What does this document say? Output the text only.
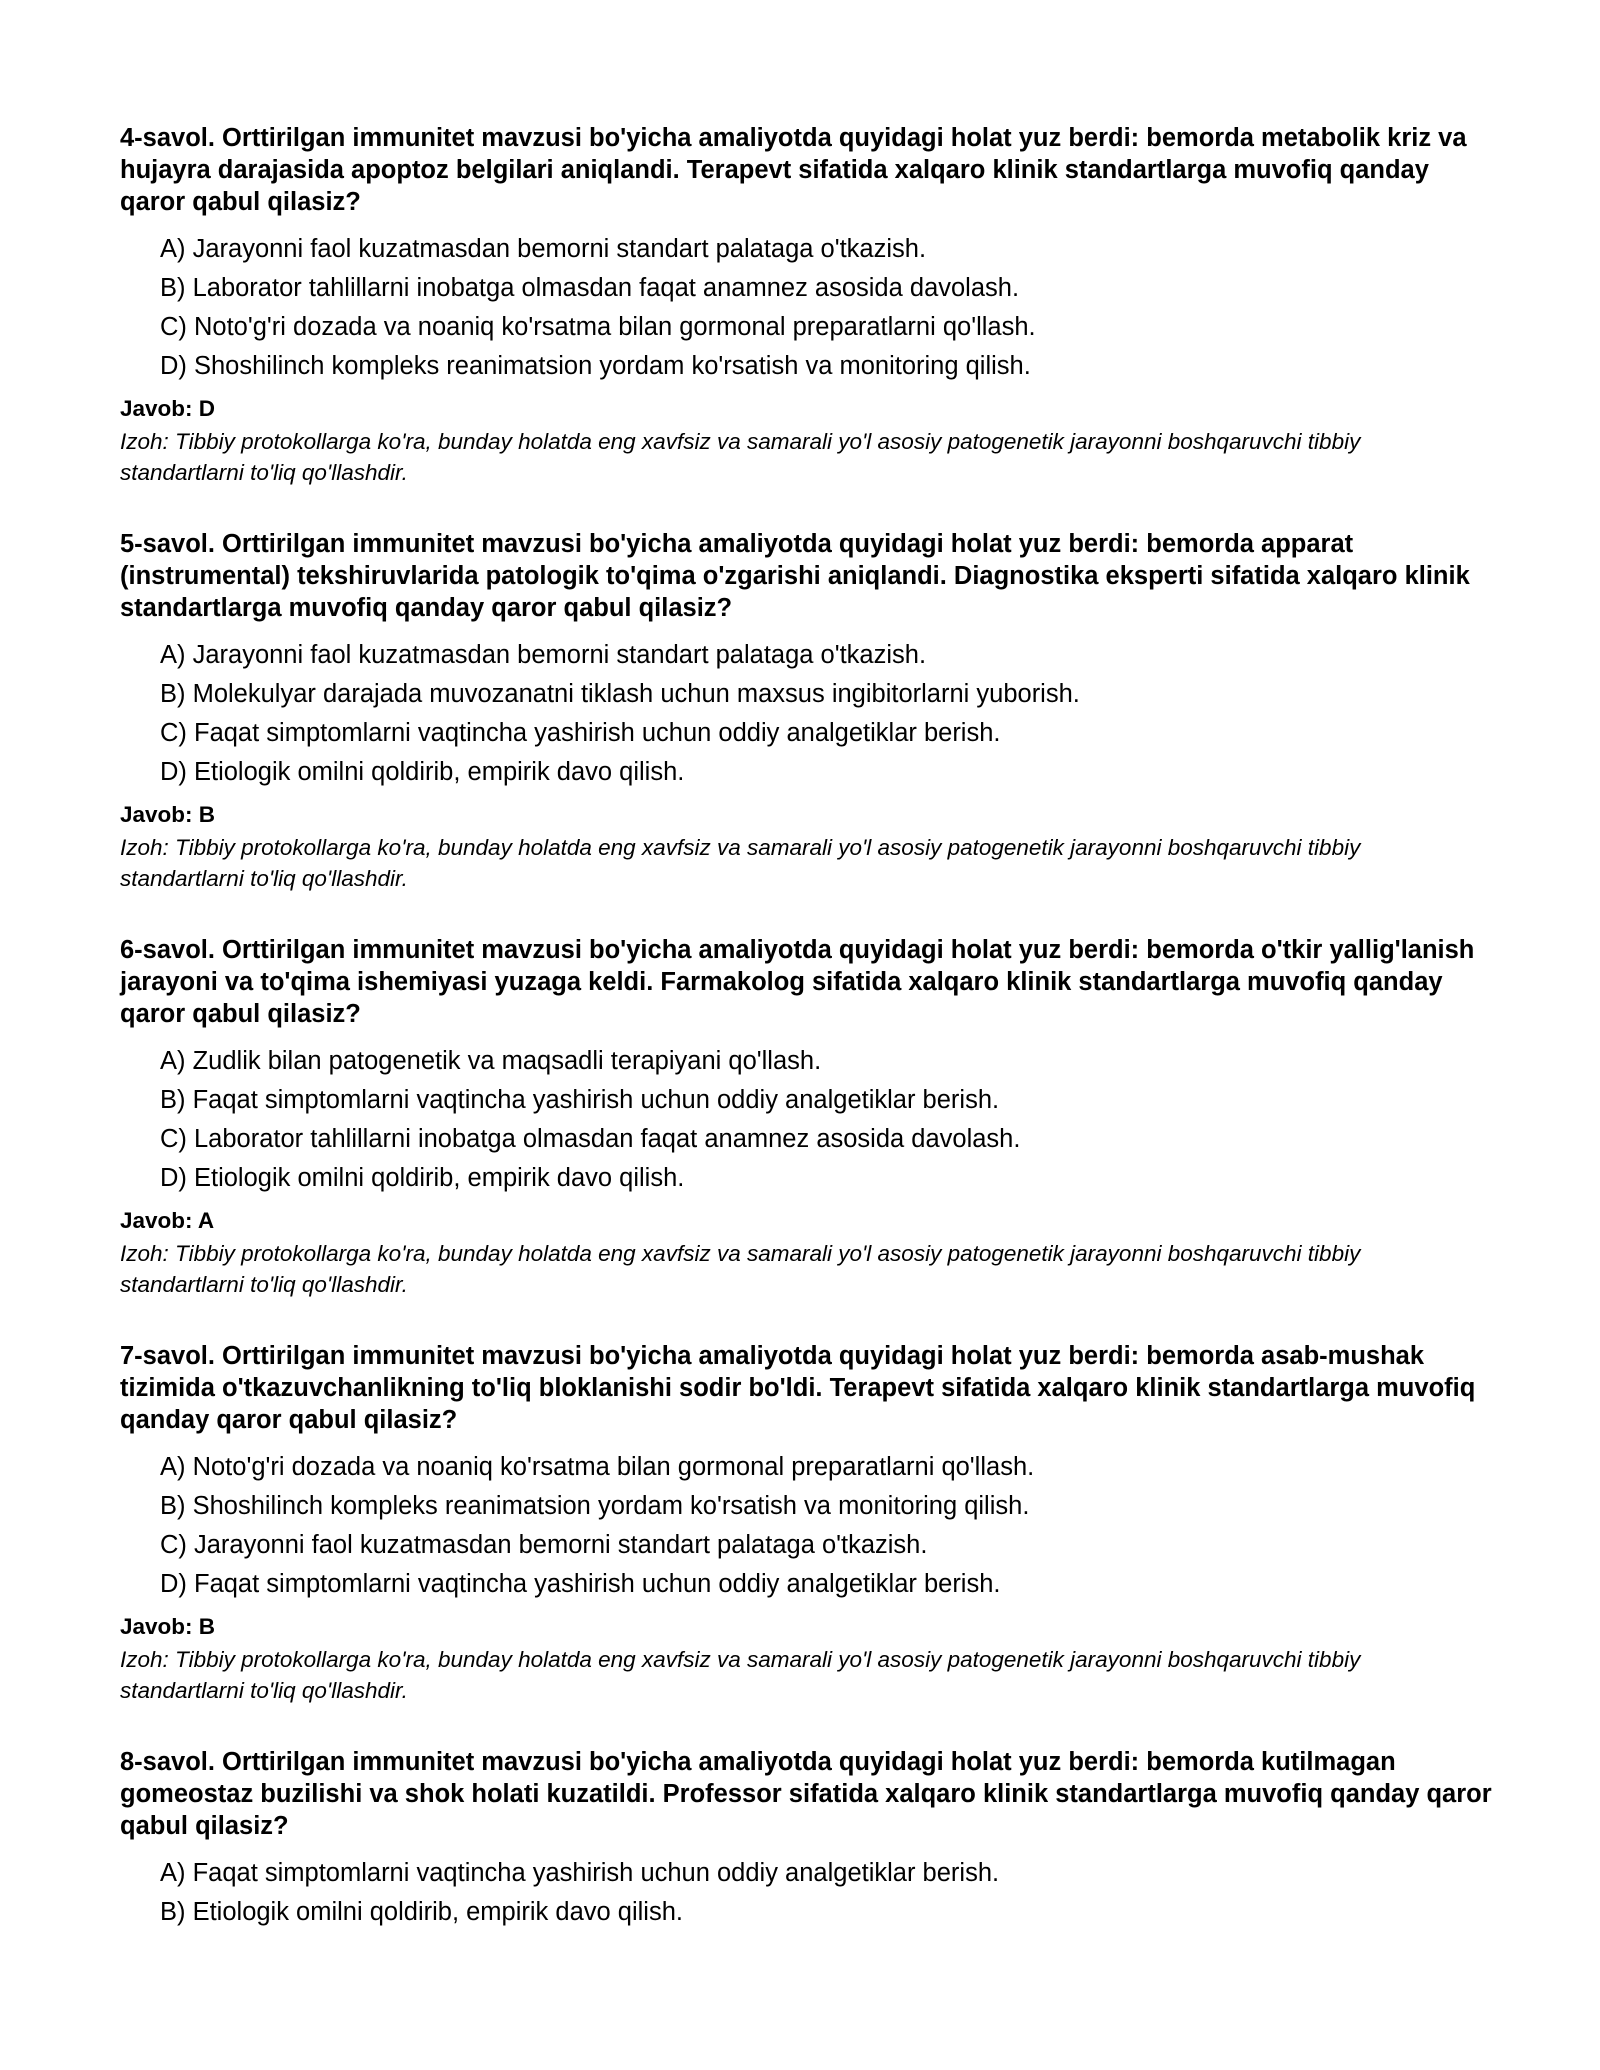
4-savol. Orttirilgan immunitet mavzusi bo'yicha amaliyotda quyidagi holat yuz berdi: bemorda metabolik kriz va hujayra darajasida apoptoz belgilari aniqlandi. Terapevt sifatida xalqaro klinik standartlarga muvofiq qanday qaror qabul qilasiz?

A) Jarayonni faol kuzatmasdan bemorni standart palataga o'tkazish.
B) Laborator tahlillarni inobatga olmasdan faqat anamnez asosida davolash.
C) Noto'g'ri dozada va noaniq ko'rsatma bilan gormonal preparatlarni qo'llash.
D) Shoshilinch kompleks reanimatsion yordam ko'rsatish va monitoring qilish.

Javob: D

Izoh: Tibbiy protokollarga ko'ra, bunday holatda eng xavfsiz va samarali yo'l asosiy patogenetik jarayonni boshqaruvchi tibbiy standartlarni to'liq qo'llashdir.

5-savol. Orttirilgan immunitet mavzusi bo'yicha amaliyotda quyidagi holat yuz berdi: bemorda apparat (instrumental) tekshiruvlarida patologik to'qima o'zgarishi aniqlandi. Diagnostika eksperti sifatida xalqaro klinik standartlarga muvofiq qanday qaror qabul qilasiz?

A) Jarayonni faol kuzatmasdan bemorni standart palataga o'tkazish.
B) Molekulyar darajada muvozanatni tiklash uchun maxsus ingibitorlarni yuborish.
C) Faqat simptomlarni vaqtincha yashirish uchun oddiy analgetiklar berish.
D) Etiologik omilni qoldirib, empirik davo qilish.

Javob: B

Izoh: Tibbiy protokollarga ko'ra, bunday holatda eng xavfsiz va samarali yo'l asosiy patogenetik jarayonni boshqaruvchi tibbiy standartlarni to'liq qo'llashdir.

6-savol. Orttirilgan immunitet mavzusi bo'yicha amaliyotda quyidagi holat yuz berdi: bemorda o'tkir yallig'lanish jarayoni va to'qima ishemiyasi yuzaga keldi. Farmakolog sifatida xalqaro klinik standartlarga muvofiq qanday qaror qabul qilasiz?

A) Zudlik bilan patogenetik va maqsadli terapiyani qo'llash.
B) Faqat simptomlarni vaqtincha yashirish uchun oddiy analgetiklar berish.
C) Laborator tahlillarni inobatga olmasdan faqat anamnez asosida davolash.
D) Etiologik omilni qoldirib, empirik davo qilish.

Javob: A

Izoh: Tibbiy protokollarga ko'ra, bunday holatda eng xavfsiz va samarali yo'l asosiy patogenetik jarayonni boshqaruvchi tibbiy standartlarni to'liq qo'llashdir.

7-savol. Orttirilgan immunitet mavzusi bo'yicha amaliyotda quyidagi holat yuz berdi: bemorda asab-mushak tizimida o'tkazuvchanlikning to'liq bloklanishi sodir bo'ldi. Terapevt sifatida xalqaro klinik standartlarga muvofiq qanday qaror qabul qilasiz?

A) Noto'g'ri dozada va noaniq ko'rsatma bilan gormonal preparatlarni qo'llash.
B) Shoshilinch kompleks reanimatsion yordam ko'rsatish va monitoring qilish.
C) Jarayonni faol kuzatmasdan bemorni standart palataga o'tkazish.
D) Faqat simptomlarni vaqtincha yashirish uchun oddiy analgetiklar berish.

Javob: B

Izoh: Tibbiy protokollarga ko'ra, bunday holatda eng xavfsiz va samarali yo'l asosiy patogenetik jarayonni boshqaruvchi tibbiy standartlarni to'liq qo'llashdir.

8-savol. Orttirilgan immunitet mavzusi bo'yicha amaliyotda quyidagi holat yuz berdi: bemorda kutilmagan gomeostaz buzilishi va shok holati kuzatildi. Professor sifatida xalqaro klinik standartlarga muvofiq qanday qaror qabul qilasiz?

A) Faqat simptomlarni vaqtincha yashirish uchun oddiy analgetiklar berish.
B) Etiologik omilni qoldirib, empirik davo qilish.
